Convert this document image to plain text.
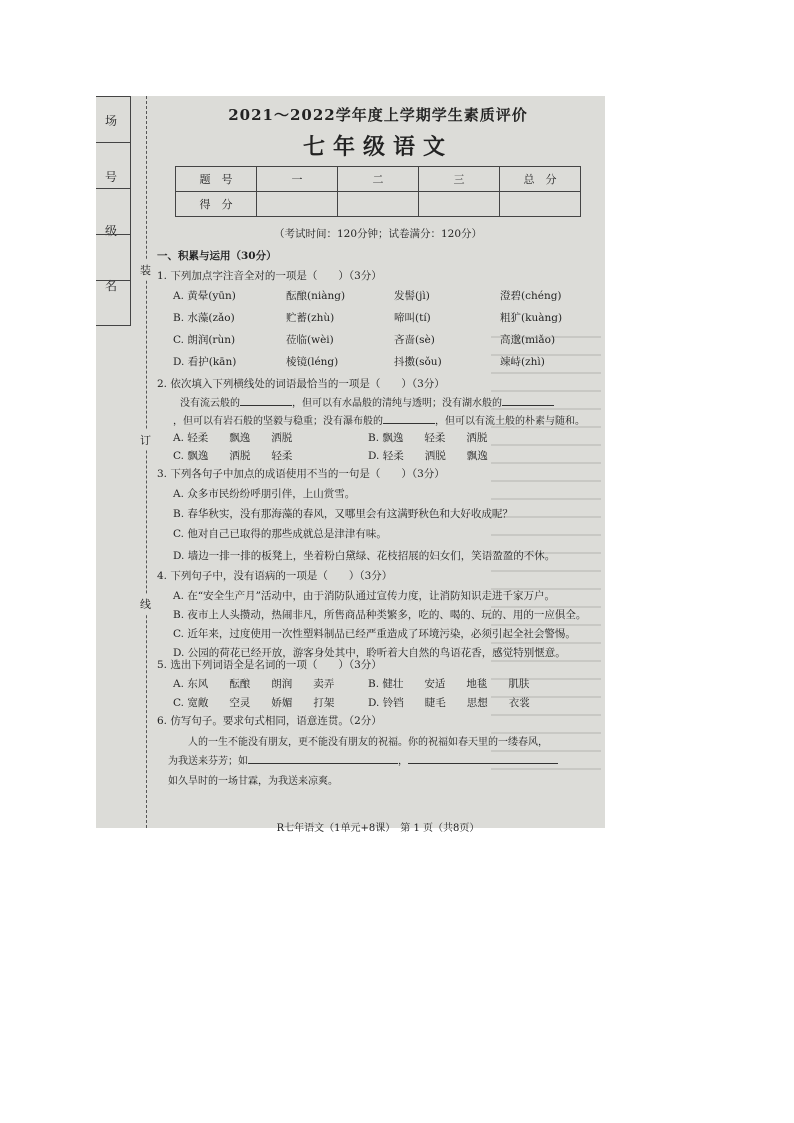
场
号
级
名
装
订
线
2021～2022学年度上学期学生素质评价
七年级语文
题　号	一	二	三	总　分
得　分				
（考试时间：120分钟；试卷满分：120分）
一、积累与运用（30分）
1. 下列加点字注音全对的一项是（　　）（3分）
A. 黄晕(yūn)	酝酿(niàng)	发髻(jì)	澄碧(chéng)
B. 水藻(zǎo)	贮蓄(zhù)	啼叫(tí)	粗犷(kuàng)
C. 朗润(rùn)	莅临(wèi)	吝啬(sè)	高邈(miǎo)
D. 看护(kān)	棱镜(léng)	抖擞(sǒu)	竦峙(zhì)
2. 依次填入下列横线处的词语最恰当的一项是（　　）（3分）
没有流云般的	，但可以有水晶般的清纯与透明；没有湖水般的
，但可以有岩石般的坚毅与稳重；没有瀑布般的	，但可以有流土般的朴素与随和。
A. 轻柔　　飘逸　　洒脱	B. 飘逸　　轻柔　　洒脱
C. 飘逸　　洒脱　　轻柔	D. 轻柔　　洒脱　　飘逸
3. 下列各句子中加点的成语使用不当的一句是（　　）（3分）
A. 众多市民纷纷呼朋引伴，上山赏雪。
B. 春华秋实，没有那海藻的春风，又哪里会有这满野秋色和大好收成呢？
C. 他对自己已取得的那些成就总是津津有味。
D. 墙边一排一排的板凳上，坐着粉白黛绿、花枝招展的妇女们，笑语盈盈的不休。
4. 下列句子中，没有语病的一项是（　　）（3分）
A. 在“安全生产月”活动中，由于消防队通过宣传力度，让消防知识走进千家万户。
B. 夜市上人头攒动，热闹非凡，所售商品种类繁多，吃的、喝的、玩的、用的一应俱全。
C. 近年来，过度使用一次性塑料制品已经严重造成了环境污染，必须引起全社会警惕。
D. 公园的荷花已经开放，游客身处其中，聆听着大自然的鸟语花香，感觉特别惬意。
5. 选出下列词语全是名词的一项（　　）（3分）
A. 东风　　酝酿　　朗润　　卖弄	B. 健壮　　安适　　地毯　　肌肤
C. 宽敞　　空灵　　娇媚　　打架	D. 铃铛　　睫毛　　思想　　衣裳
6. 仿写句子。要求句式相同，语意连贯。（2分）
人的一生不能没有朋友，更不能没有朋友的祝福。你的祝福如春天里的一缕春风，
为我送来芬芳；如	，
如久旱时的一场甘霖，为我送来凉爽。
R七年语文（1单元+8课）　第 1 页（共8页）
